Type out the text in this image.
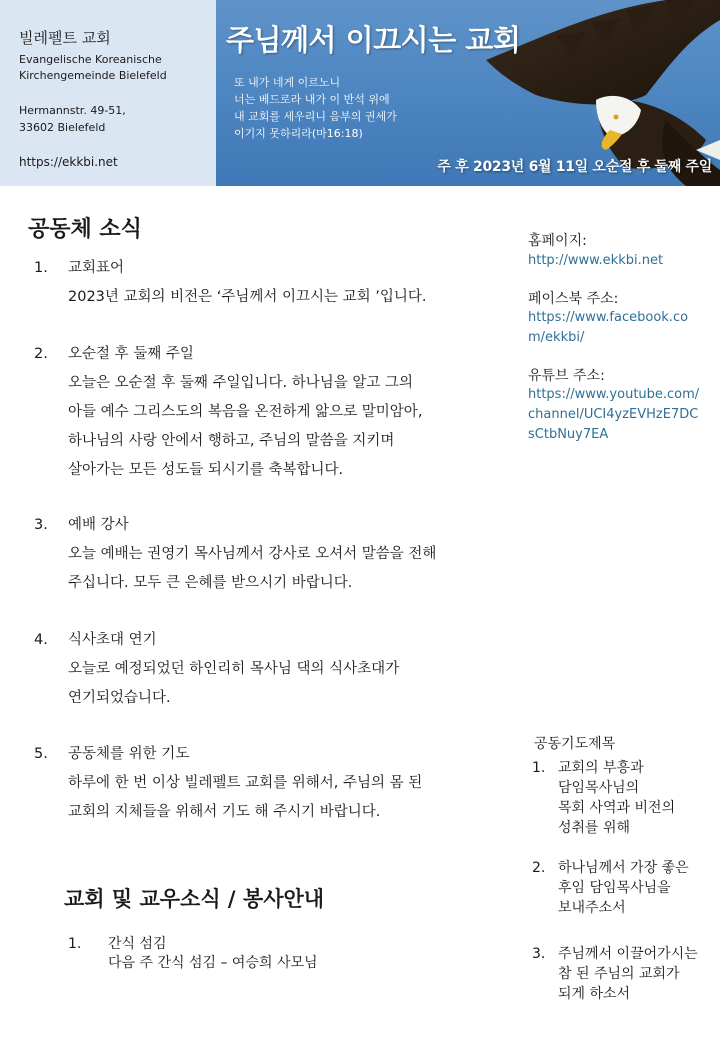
빌레펠트 교회
Evangelische Koreanische
Kirchengemeinde Bielefeld
Hermannstr. 49-51,
33602 Bielefeld
https://ekkbi.net
주님께서 이끄시는 교회
또 내가 네게 이르노니
너는 베드로라 내가 이 반석 위에
내 교회를 세우리니 음부의 권세가
이기지 못하리라(마16:18)
주 후 2023년 6월 11일 오순절 후 둘째 주일
공동체 소식
1.	교회표어
2023년 교회의 비전은 ‘주님께서 이끄시는 교회 ’입니다.
2.	오순절 후 둘째 주일
오늘은 오순절 후 둘째 주일입니다. 하나님을 알고 그의
아들 예수 그리스도의 복음을 온전하게 앎으로 말미암아,
하나님의 사랑 안에서 행하고, 주님의 말씀을 지키며
살아가는 모든 성도들 되시기를 축복합니다.
3.	예배 강사
오늘 예배는 권영기 목사님께서 강사로 오셔서 말씀을 전해
주십니다. 모두 큰 은혜를 받으시기 바랍니다.
4.	식사초대 연기
오늘로 예정되었던 하인리히 목사님 댁의 식사초대가
연기되었습니다.
5.	공동체를 위한 기도
하루에 한 번 이상 빌레펠트 교회를 위해서, 주님의 몸 된
교회의 지체들을 위해서 기도 해 주시기 바랍니다.
교회 및 교우소식 / 봉사안내
1.	간식 섬김
다음 주 간식 섬김 – 여승희 사모님
홈페이지:
http://www.ekkbi.net
페이스북 주소:
https://www.facebook.com/ekkbi/
유튜브 주소:
https://www.youtube.com/channel/UCI4yzEVHzE7DCsCtbNuy7EA
공동기도제목
1. 교회의 부흥과
담임목사님의
목회 사역과 비전의
성취를 위해
2. 하나님께서 가장 좋은
후임 담임목사님을
보내주소서
3. 주님께서 이끌어가시는
참 된 주님의 교회가
되게 하소서
